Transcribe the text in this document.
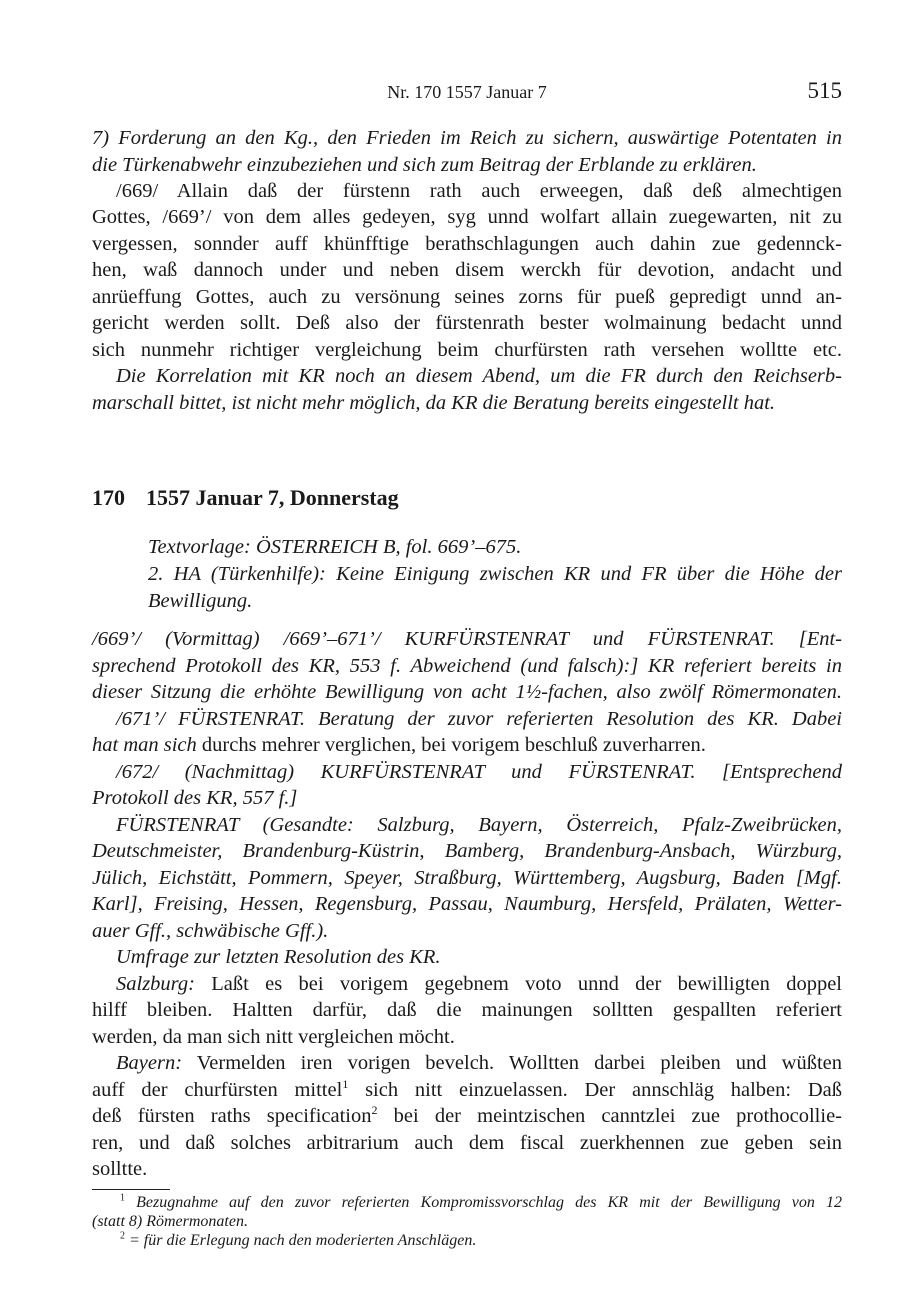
Nr. 170 1557 Januar 7	515
7) Forderung an den Kg., den Frieden im Reich zu sichern, auswärtige Potentaten in
die Türkenabwehr einzubeziehen und sich zum Beitrag der Erblande zu erklären.
/669/ Allain daß der fürstenn rath auch erweegen, daß deß almechtigen
Gottes, /669’/ von dem alles gedeyen, syg unnd wolfart allain zuegewarten, nit zu
vergessen, sonnder auff khünfftige berathschlagungen auch dahin zue gedennck-
hen, waß dannoch under und neben disem werckh für devotion, andacht und
anrüeffung Gottes, auch zu versönung seines zorns für pueß gepredigt unnd an-
gericht werden sollt. Deß also der fürstenrath bester wolmainung bedacht unnd
sich nunmehr richtiger vergleichung beim churfürsten rath versehen wolltte etc.
Die Korrelation mit KR noch an diesem Abend, um die FR durch den Reichserb-
marschall bittet, ist nicht mehr möglich, da KR die Beratung bereits eingestellt hat.
170 1557 Januar 7, Donnerstag
Textvorlage: ÖSTERREICH B, fol. 669’–675.
2. HA (Türkenhilfe): Keine Einigung zwischen KR und FR über die Höhe der
Bewilligung.
/669’/ (Vormittag) /669’–671’/ KURFÜRSTENRAT und FÜRSTENRAT. [Ent-
sprechend Protokoll des KR, 553 f. Abweichend (und falsch):] KR referiert bereits in
dieser Sitzung die erhöhte Bewilligung von acht 1½-fachen, also zwölf Römermonaten.
/671’/ FÜRSTENRAT. Beratung der zuvor referierten Resolution des KR. Dabei
hat man sich durchs mehrer verglichen, bei vorigem beschluß zuverharren.
/672/ (Nachmittag) KURFÜRSTENRAT und FÜRSTENRAT. [Entsprechend
Protokoll des KR, 557 f.]
FÜRSTENRAT (Gesandte: Salzburg, Bayern, Österreich, Pfalz-Zweibrücken,
Deutschmeister, Brandenburg-Küstrin, Bamberg, Brandenburg-Ansbach, Würzburg,
Jülich, Eichstätt, Pommern, Speyer, Straßburg, Württemberg, Augsburg, Baden [Mgf.
Karl], Freising, Hessen, Regensburg, Passau, Naumburg, Hersfeld, Prälaten, Wetter-
auer Gff., schwäbische Gff.).
Umfrage zur letzten Resolution des KR.
Salzburg: Laßt es bei vorigem gegebnem voto unnd der bewilligten doppel
hilff bleiben. Haltten darfür, daß die mainungen solltten gespallten referiert
werden, da man sich nitt vergleichen möcht.
Bayern: Vermelden iren vorigen bevelch. Wolltten darbei pleiben und wüßten
auff der churfürsten mittel$^1$ sich nitt einzuelassen. Der annschläg halben: Daß
deß fürsten raths specification$^2$ bei der meintzischen canntzlei zue prothocollie-
ren, und daß solches arbitrarium auch dem fiscal zuerkhennen zue geben sein
solltte.
$^1$ Bezugnahme auf den zuvor referierten Kompromissvorschlag des KR mit der Bewilligung von 12
(statt 8) Römermonaten.
$^2$ = für die Erlegung nach den moderierten Anschlägen.
